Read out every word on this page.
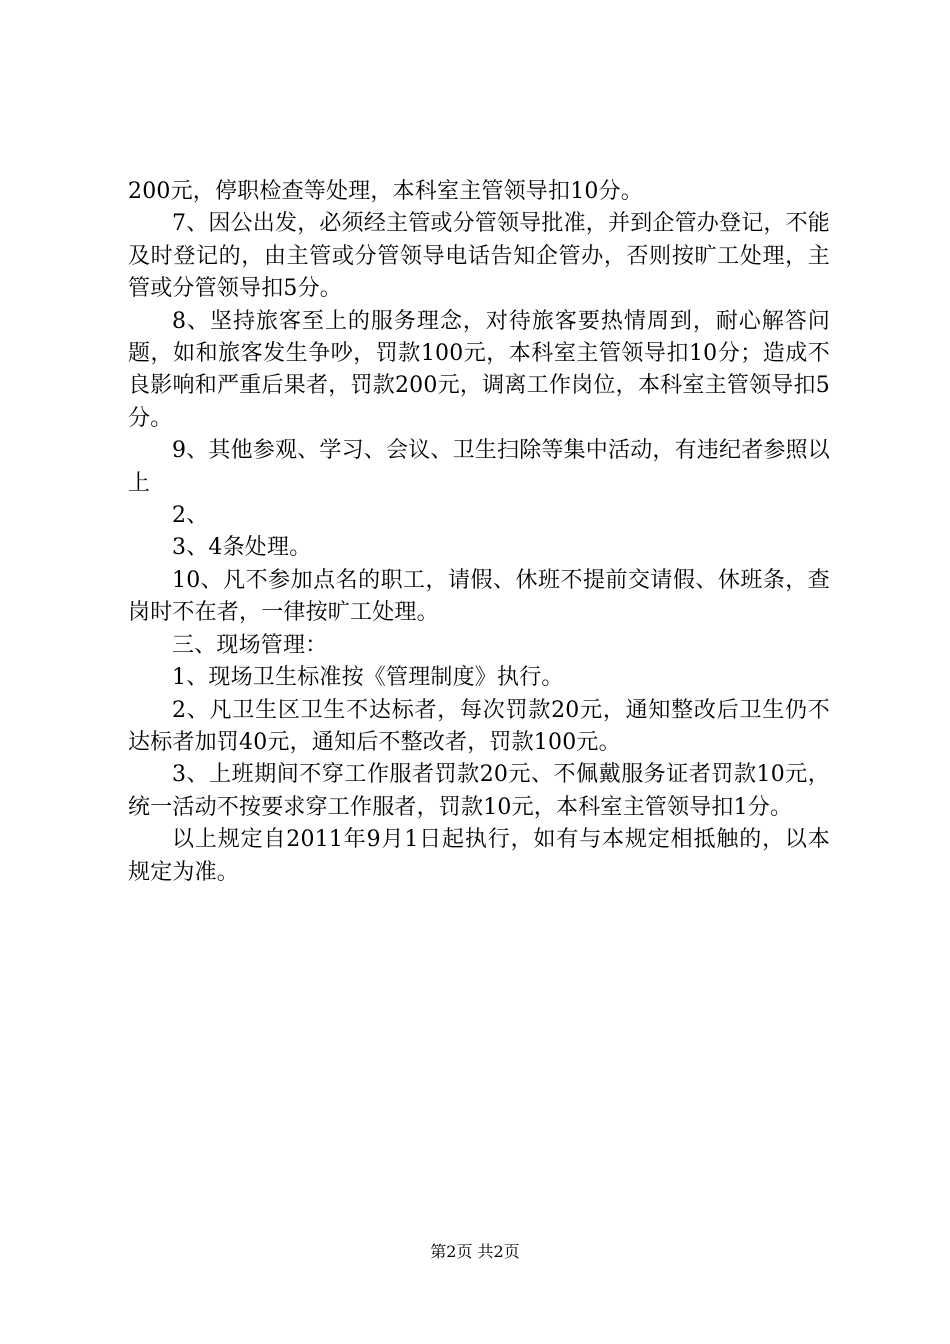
200元，停职检查等处理，本科室主管领导扣10分。

7、因公出发，必须经主管或分管领导批准，并到企管办登记，不能及时登记的，由主管或分管领导电话告知企管办，否则按旷工处理，主管或分管领导扣5分。

8、坚持旅客至上的服务理念，对待旅客要热情周到，耐心解答问题，如和旅客发生争吵，罚款100元，本科室主管领导扣10分；造成不良影响和严重后果者，罚款200元，调离工作岗位，本科室主管领导扣5分。

9、其他参观、学习、会议、卫生扫除等集中活动，有违纪者参照以上

2、

3、4条处理。

10、凡不参加点名的职工，请假、休班不提前交请假、休班条，查岗时不在者，一律按旷工处理。

三、现场管理：

1、现场卫生标准按《管理制度》执行。

2、凡卫生区卫生不达标者，每次罚款20元，通知整改后卫生仍不达标者加罚40元，通知后不整改者，罚款100元。

3、上班期间不穿工作服者罚款20元、不佩戴服务证者罚款10元，统一活动不按要求穿工作服者，罚款10元，本科室主管领导扣1分。

以上规定自2011年9月1日起执行，如有与本规定相抵触的，以本规定为准。

第2页 共2页
